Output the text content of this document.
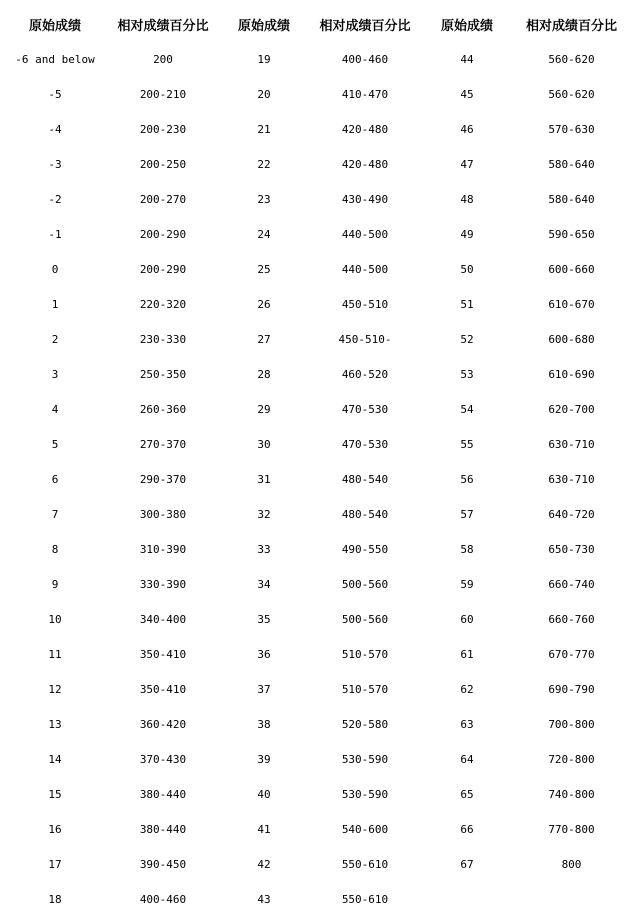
原始成绩	相对成绩百分比	原始成绩	相对成绩百分比	原始成绩	相对成绩百分比
-6 and below	200	19	400-460	44	560-620
-5	200-210	20	410-470	45	560-620
-4	200-230	21	420-480	46	570-630
-3	200-250	22	420-480	47	580-640
-2	200-270	23	430-490	48	580-640
-1	200-290	24	440-500	49	590-650
0	200-290	25	440-500	50	600-660
1	220-320	26	450-510	51	610-670
2	230-330	27	450-510-	52	600-680
3	250-350	28	460-520	53	610-690
4	260-360	29	470-530	54	620-700
5	270-370	30	470-530	55	630-710
6	290-370	31	480-540	56	630-710
7	300-380	32	480-540	57	640-720
8	310-390	33	490-550	58	650-730
9	330-390	34	500-560	59	660-740
10	340-400	35	500-560	60	660-760
11	350-410	36	510-570	61	670-770
12	350-410	37	510-570	62	690-790
13	360-420	38	520-580	63	700-800
14	370-430	39	530-590	64	720-800
15	380-440	40	530-590	65	740-800
16	380-440	41	540-600	66	770-800
17	390-450	42	550-610	67	800
18	400-460	43	550-610		
